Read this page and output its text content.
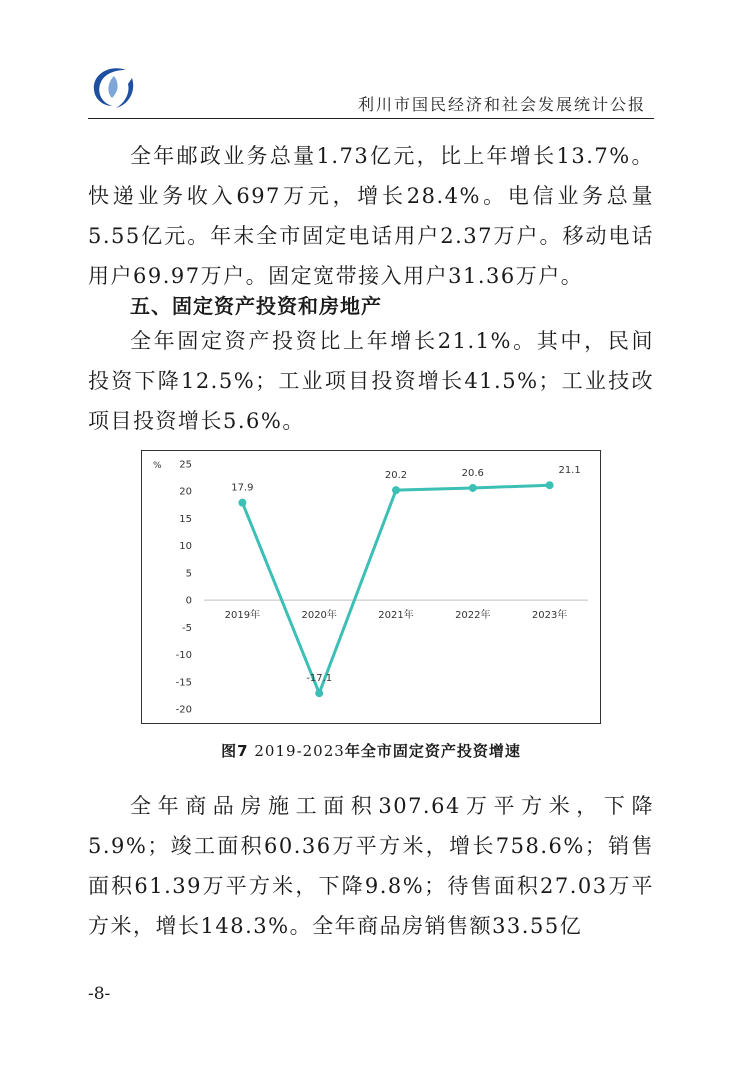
利川市国民经济和社会发展统计公报

全年邮政业务总量1.73亿元，比上年增长13.7%。快递业务收入697万元，增长28.4%。电信业务总量5.55亿元。年末全市固定电话用户2.37万户。移动电话用户69.97万户。固定宽带接入用户31.36万户。

五、固定资产投资和房地产

全年固定资产投资比上年增长21.1%。其中，民间投资下降12.5%；工业项目投资增长41.5%；工业技改项目投资增长5.6%。

% 25
20
15
10
5
0
-5
-10
-15
-20
2019年	2020年	2021年	2022年	2023年
17.9
-17.1
20.2	20.6	21.1
图7 2019-2023年全市固定资产投资增速

全年商品房施工面积307.64万平方米，下降5.9%；竣工面积60.36万平方米，增长758.6%；销售面积61.39万平方米，下降9.8%；待售面积27.03万平方米，增长148.3%。全年商品房销售额33.55亿

-8-
